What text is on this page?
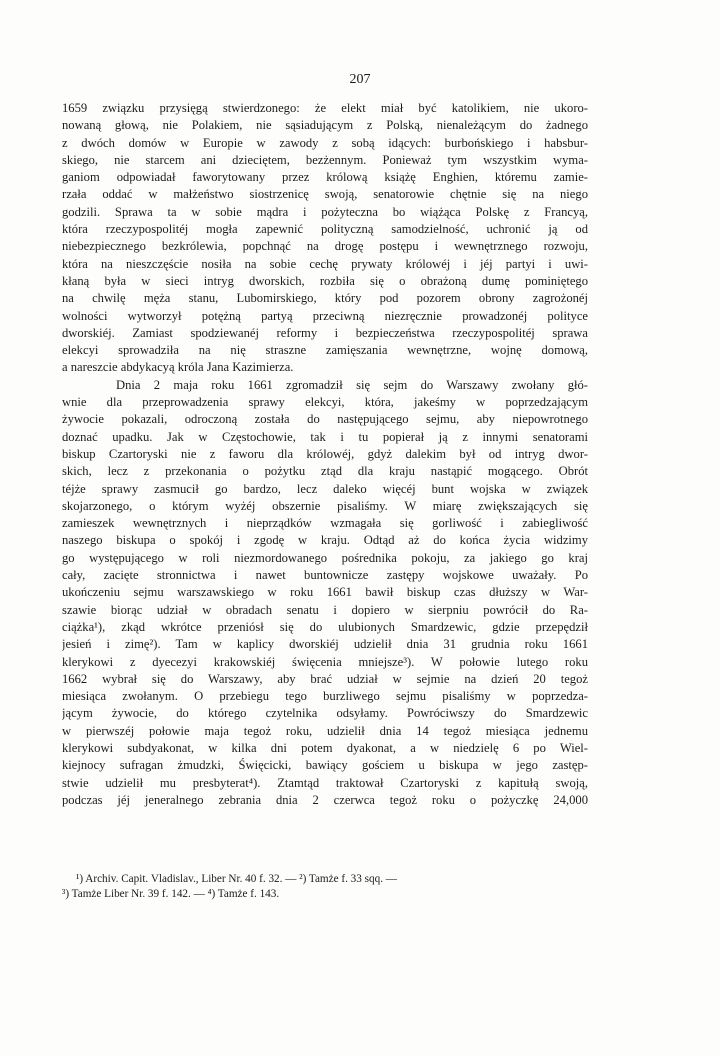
207
1659 związku przysięgą stwierdzonego: że elekt miał być katolikiem, nie ukoro-
nowaną głową, nie Polakiem, nie sąsiadującym z Polską, nienależącym do żadnego
z dwóch domów w Europie w zawody z sobą idących: burbońskiego i habsbur-
skiego, nie starcem ani dzieciętem, bezżennym. Ponieważ tym wszystkim wyma-
ganiom odpowiadał faworytowany przez królową książę Enghien, któremu zamie-
rzała oddać w małżeństwo siostrzenicę swoją, senatorowie chętnie się na niego
godzili. Sprawa ta w sobie mądra i pożyteczna bo wiążąca Polskę z Francyą,
która rzeczypospolitéj mogła zapewnić polityczną samodzielność, uchronić ją od
niebezpiecznego bezkrólewia, popchnąć na drogę postępu i wewnętrznego rozwoju,
która na nieszczęście nosiła na sobie cechę prywaty królowéj i jéj partyi i uwi-
kłaną była w sieci intryg dworskich, rozbiła się o obrażoną dumę pominiętego
na chwilę męża stanu, Lubomirskiego, który pod pozorem obrony zagrożonéj
wolności wytworzył potężną partyą przeciwną niezręcznie prowadzonéj polityce
dworskiéj. Zamiast spodziewanéj reformy i bezpieczeństwa rzeczypospolitéj sprawa
elekcyi sprowadziła na nię straszne zamięszania wewnętrzne, wojnę domową,
a nareszcie abdykacyą króla Jana Kazimierza.
Dnia 2 maja roku 1661 zgromadził się sejm do Warszawy zwołany głó-
wnie dla przeprowadzenia sprawy elekcyi, która, jakeśmy w poprzedzającym
żywocie pokazali, odroczoną została do następującego sejmu, aby niepowrotnego
doznać upadku. Jak w Częstochowie, tak i tu popierał ją z innymi senatorami
biskup Czartoryski nie z faworu dla królowéj, gdyż dalekim był od intryg dwor-
skich, lecz z przekonania o pożytku ztąd dla kraju nastąpić mogącego. Obrót
téjże sprawy zasmucił go bardzo, lecz daleko więcéj bunt wojska w związek
skojarzonego, o którym wyżéj obszernie pisaliśmy. W miarę zwiększających się
zamieszek wewnętrznych i nieprządków wzmagała się gorliwość i zabiegliwość
naszego biskupa o spokój i zgodę w kraju. Odtąd aż do końca życia widzimy
go występującego w roli niezmordowanego pośrednika pokoju, za jakiego go kraj
cały, zacięte stronnictwa i nawet buntownicze zastępy wojskowe uważały. Po
ukończeniu sejmu warszawskiego w roku 1661 bawił biskup czas dłuższy w War-
szawie biorąc udział w obradach senatu i dopiero w sierpniu powrócił do Ra-
ciążka¹), zkąd wkrótce przeniósł się do ulubionych Smardzewic, gdzie przepędził
jesień i zimę²). Tam w kaplicy dworskiéj udzielił dnia 31 grudnia roku 1661
klerykowi z dyecezyi krakowskiéj święcenia mniejsze³). W połowie lutego roku
1662 wybrał się do Warszawy, aby brać udział w sejmie na dzień 20 tegoż
miesiąca zwołanym. O przebiegu tego burzliwego sejmu pisaliśmy w poprzedza-
jącym żywocie, do którego czytelnika odsyłamy. Powróciwszy do Smardzewic
w pierwszéj połowie maja tegoż roku, udzielił dnia 14 tegoż miesiąca jednemu
klerykowi subdyakonat, w kilka dni potem dyakonat, a w niedzielę 6 po Wiel-
kiejnocy sufragan żmudzki, Święcicki, bawiący gościem u biskupa w jego zastęp-
stwie udzielił mu presbyterat⁴). Ztamtąd traktował Czartoryski z kapitułą swoją,
podczas jéj jeneralnego zebrania dnia 2 czerwca tegoż roku o pożyczkę 24,000
¹) Archiv. Capit. Vladislav., Liber Nr. 40 f. 32. — ²) Tamże f. 33 sqq. —
³) Tamże Liber Nr. 39 f. 142. — ⁴) Tamże f. 143.
